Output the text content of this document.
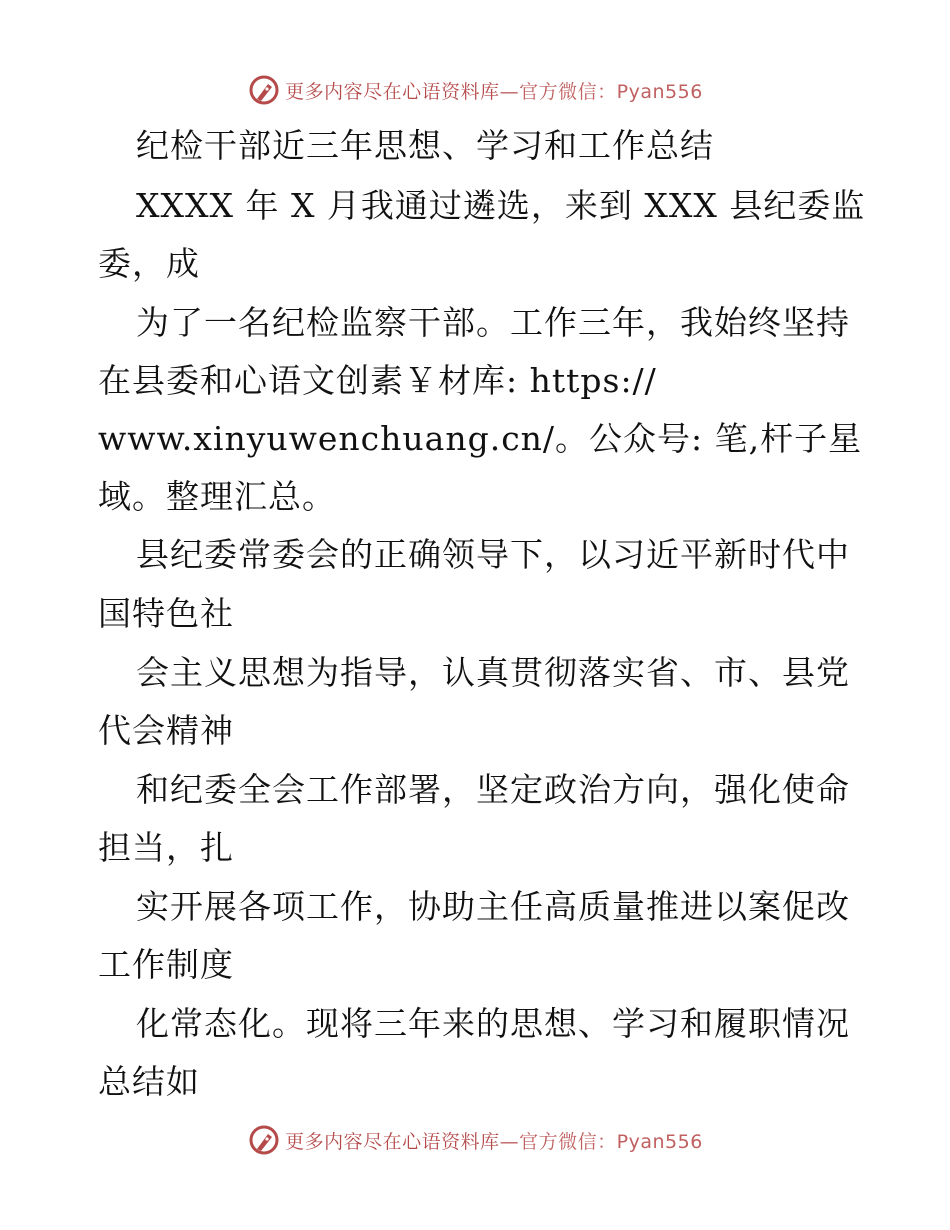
更多内容尽在心语资料库—官方微信：Pyan556
纪检干部近三年思想、学习和工作总结
XXXX 年 X 月我通过遴选，来到 XXX 县纪委监
委，成
为了一名纪检监察干部。工作三年，我始终坚持
在县委和心语文创素￥材库: https://
www.xinyuwenchuang.cn/。公众号: 笔,杆子星
域。整理汇总。
县纪委常委会的正确领导下，以习近平新时代中
国特色社
会主义思想为指导，认真贯彻落实省、市、县党
代会精神
和纪委全会工作部署，坚定政治方向，强化使命
担当，扎
实开展各项工作，协助主任高质量推进以案促改
工作制度
化常态化。现将三年来的思想、学习和履职情况
总结如
更多内容尽在心语资料库—官方微信：Pyan556
